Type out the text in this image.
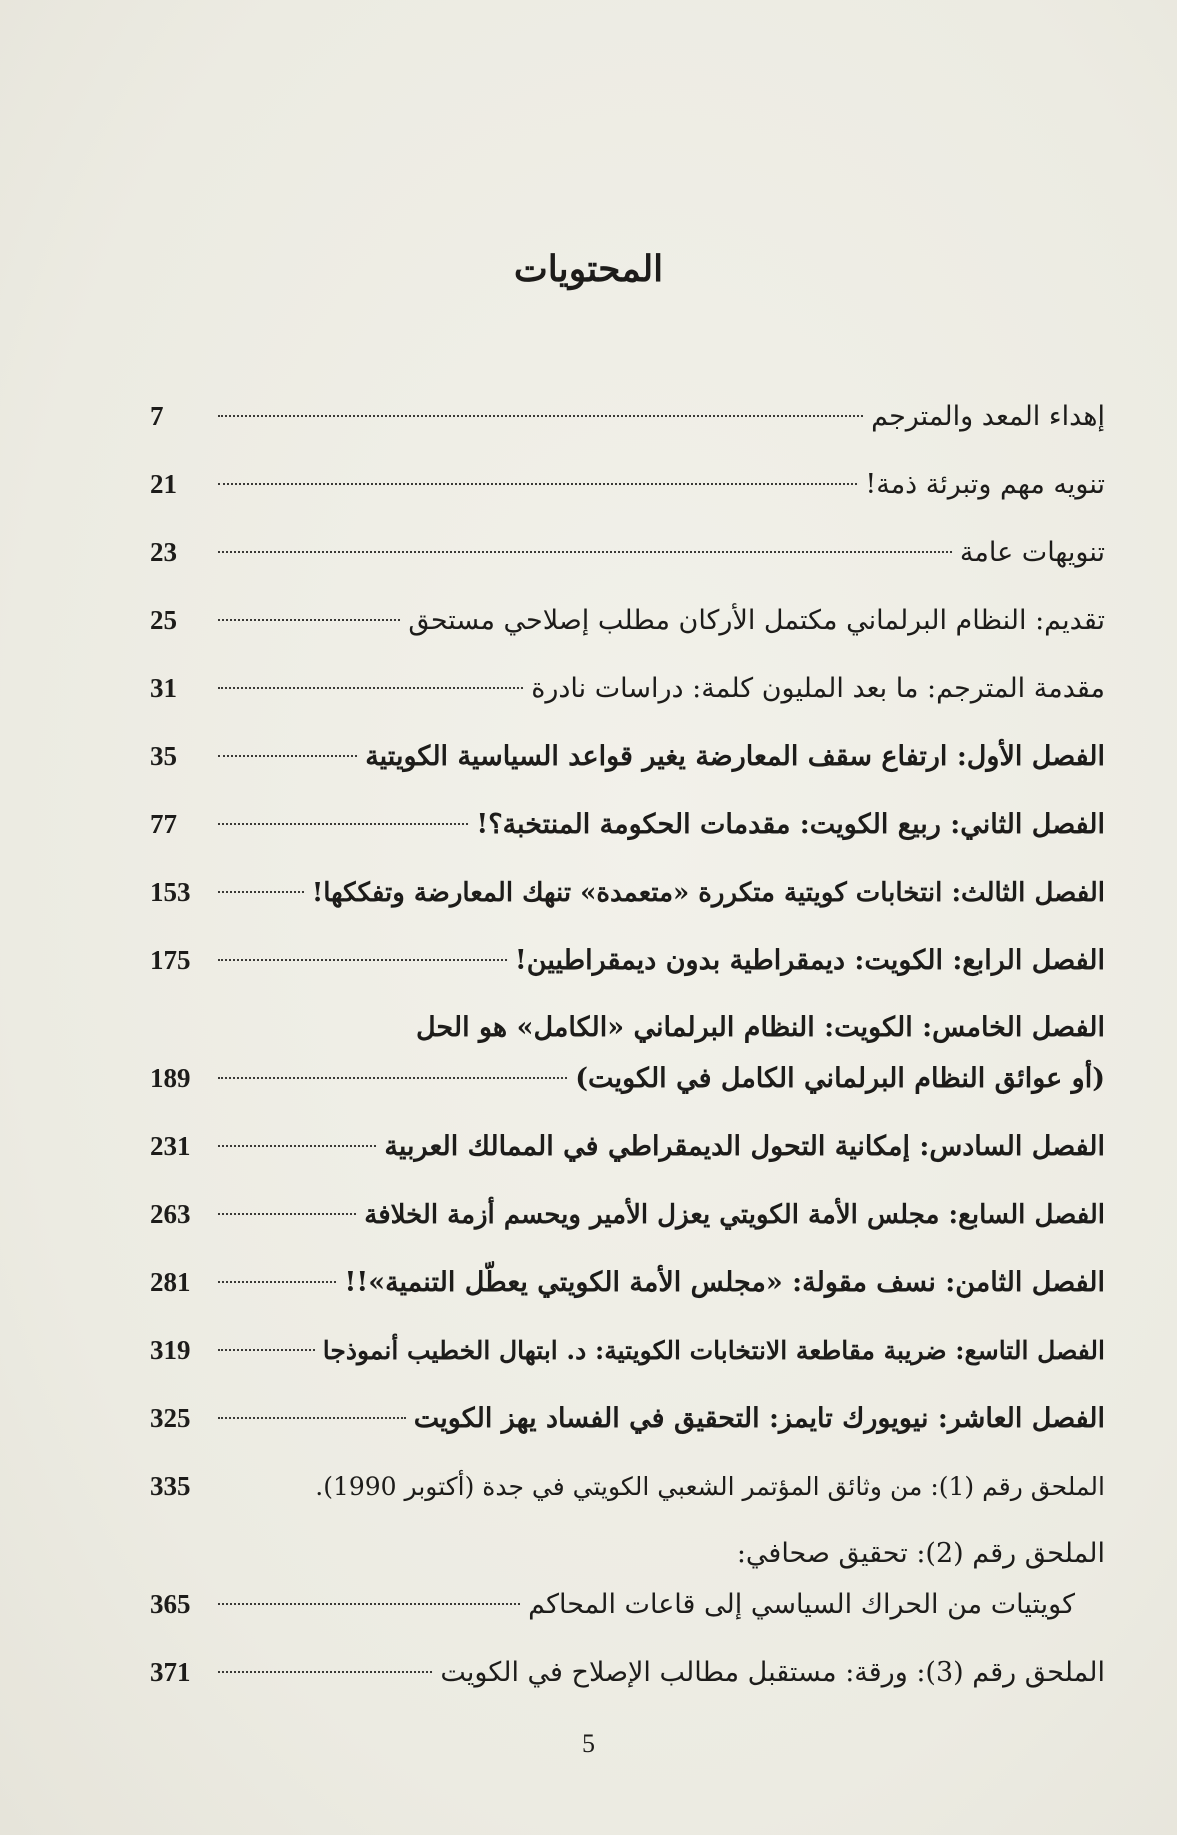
المحتويات
إهداء المعد والمترجم
7
تنويه مهم وتبرئة ذمة!
21
تنويهات عامة
23
تقديم: النظام البرلماني مكتمل الأركان مطلب إصلاحي مستحق
25
مقدمة المترجم: ما بعد المليون كلمة: دراسات نادرة
31
الفصل الأول: ارتفاع سقف المعارضة يغير قواعد السياسية الكويتية
35
الفصل الثاني: ربيع الكويت: مقدمات الحكومة المنتخبة؟!
77
الفصل الثالث: انتخابات كويتية متكررة «متعمدة» تنهك المعارضة وتفككها!
153
الفصل الرابع: الكويت: ديمقراطية بدون ديمقراطيين!
175
الفصل الخامس: الكويت: النظام البرلماني «الكامل» هو الحل
(أو عوائق النظام البرلماني الكامل في الكويت)
189
الفصل السادس: إمكانية التحول الديمقراطي في الممالك العربية
231
الفصل السابع: مجلس الأمة الكويتي يعزل الأمير ويحسم أزمة الخلافة
263
الفصل الثامن: نسف مقولة: «مجلس الأمة الكويتي يعطّل التنمية»!!
281
الفصل التاسع: ضريبة مقاطعة الانتخابات الكويتية: د. ابتهال الخطيب أنموذجا
319
الفصل العاشر: نيويورك تايمز: التحقيق في الفساد يهز الكويت
325
الملحق رقم (1): من وثائق المؤتمر الشعبي الكويتي في جدة (أكتوبر 1990).
335
الملحق رقم (2): تحقيق صحافي:
كويتيات من الحراك السياسي إلى قاعات المحاكم
365
الملحق رقم (3): ورقة: مستقبل مطالب الإصلاح في الكويت
371
5
